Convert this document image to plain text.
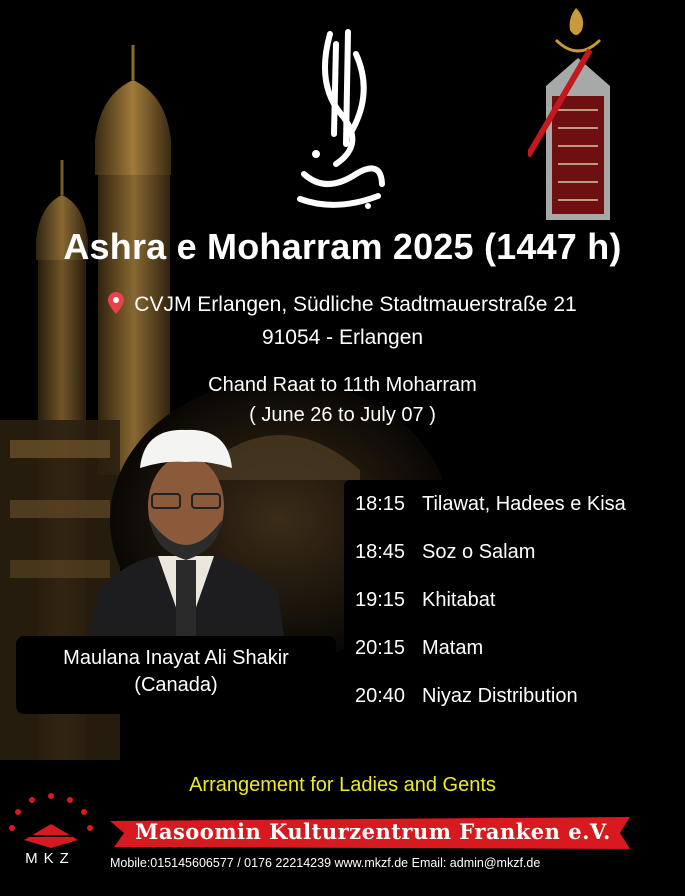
Ashra e Moharram 2025 (1447 h)
CVJM Erlangen, Südliche Stadtmauerstraße 21
91054 - Erlangen
Chand Raat to 11th Moharram
( June 26 to July 07 )
Maulana Inayat Ali Shakir
(Canada)
18:15 Tilawat, Hadees e Kisa
18:45 Soz o Salam
19:15 Khitabat
20:15 Matam
20:40 Niyaz Distribution
Arrangement for Ladies and Gents
MKZ
Masoomin Kulturzentrum Franken e.V.
Mobile:015145606577 / 0176 22214239 www.mkzf.de Email: admin@mkzf.de
